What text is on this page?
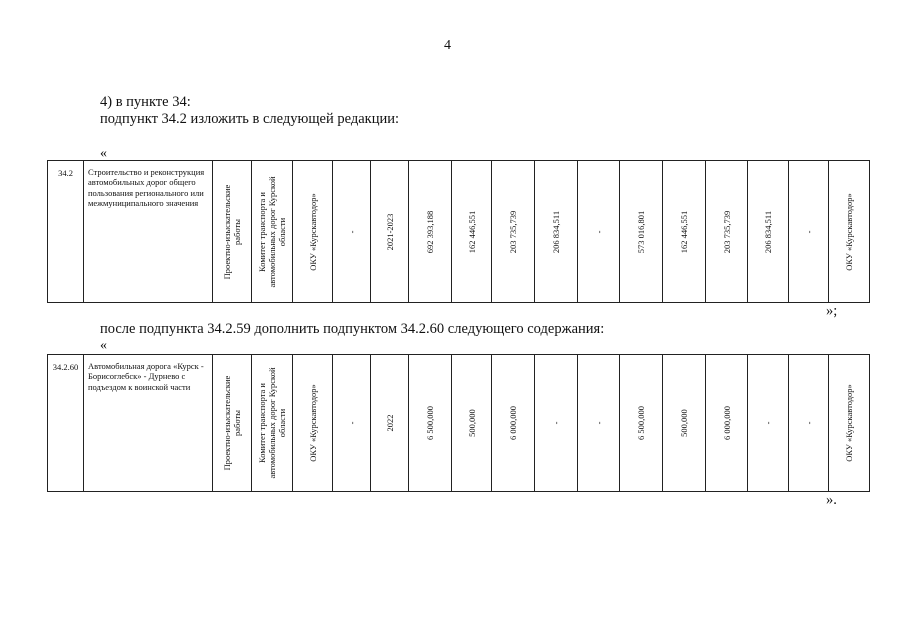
4
4) в пункте 34:
подпункт 34.2 изложить в следующей редакции:
«
34.2	Строительство и реконструкция автомобильных дорог общего пользования регионального или межмуниципального значения	Проектно-изыскательские работы	Комитет транспорта и автомобильных дорог Курской области	ОКУ «Курскавтодор»	-	2021-2023	692 393,188	162 446,551	203 735,739	206 834,511	-	573 016,801	162 446,551	203 735,739	206 834,511	-	ОКУ «Курскавтодор»
»;
после подпункта 34.2.59 дополнить подпунктом 34.2.60 следующего содержания:
«
34.2.60	Автомобильная дорога «Курск - Борисоглебск» - Дурнево с подъездом к воинской части	Проектно-изыскательские работы	Комитет транспорта и автомобильных дорог Курской области	ОКУ «Курскавтодор»	-	2022	6 500,000	500,000	6 000,000	-	-	6 500,000	500,000	6 000,000	-	-	ОКУ «Курскавтодор»
».
